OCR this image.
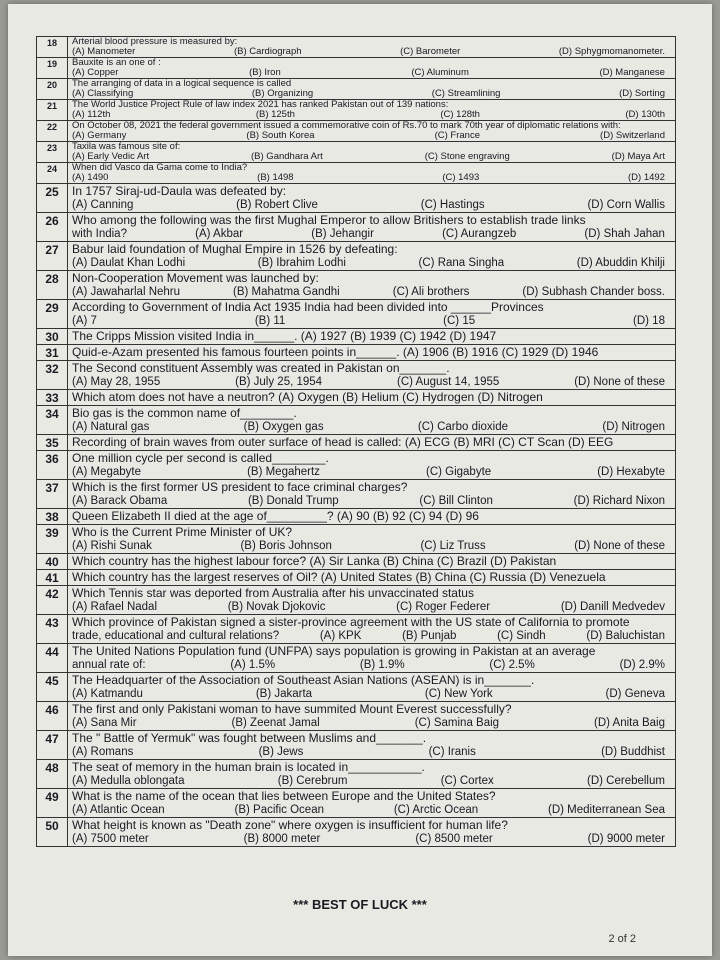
18	Arterial blood pressure is measured by:
(A) Manometer	(B) Cardiograph	(C) Barometer	(D) Sphygmomanometer.
19	Bauxite is an one of :
(A) Copper	(B) Iron	(C) Aluminum	(D) Manganese
20	The arranging of data in a logical sequence is called
(A) Classifying	(B) Organizing	(C) Streamlining	(D) Sorting
21	The World Justice Project Rule of law index 2021 has ranked Pakistan out of 139 nations:
(A) 112th	(B) 125th	(C) 128th	(D) 130th
22	On October 08, 2021 the federal government issued a commemorative coin of Rs.70 to mark 70th year of diplomatic relations with:
(A) Germany	(B) South Korea	(C) France	(D) Switzerland
23	Taxila was famous site of:
(A) Early Vedic Art	(B) Gandhara Art	(C) Stone engraving	(D) Maya Art
24	When did Vasco da Gama come to India?
(A) 1490	(B) 1498	(C) 1493	(D) 1492
25	In 1757 Siraj-ud-Daula was defeated by:
(A) Canning	(B) Robert Clive	(C) Hastings	(D) Corn Wallis
26	Who among the following was the first Mughal Emperor to allow Britishers to establish trade links
with India?	(A) Akbar	(B) Jehangir	(C) Aurangzeb	(D) Shah Jahan
27	Babur laid foundation of Mughal Empire in 1526 by defeating:
(A) Daulat Khan Lodhi	(B) Ibrahim Lodhi	(C) Rana Singha	(D) Abuddin Khilji
28	Non-Cooperation Movement was launched by:
(A) Jawaharlal Nehru	(B) Mahatma Gandhi	(C) Ali brothers	(D) Subhash Chander boss.
29	According to Government of India Act 1935 India had been divided into ______Provinces
(A) 7	(B) 11	(C) 15	(D) 18
30	The Cripps Mission visited India in______. (A) 1927 (B) 1939 (C) 1942 (D) 1947
31	Quid-e-Azam presented his famous fourteen points in______. (A) 1906 (B) 1916 (C) 1929 (D) 1946
32	The Second constituent Assembly was created in Pakistan on_______.
(A) May 28, 1955	(B) July 25, 1954	(C) August 14, 1955	(D) None of these
33	Which atom does not have a neutron? (A) Oxygen (B) Helium (C) Hydrogen (D) Nitrogen
34	Bio gas is the common name of________.
(A) Natural gas	(B) Oxygen gas	(C) Carbo dioxide	(D) Nitrogen
35	Recording of brain waves from outer surface of head is called: (A) ECG (B) MRI (C) CT Scan (D) EEG
36	One million cycle per second is called________.
(A) Megabyte	(B) Megahertz	(C) Gigabyte	(D) Hexabyte
37	Which is the first former US president to face criminal charges?
(A) Barack Obama	(B) Donald Trump	(C) Bill Clinton	(D) Richard Nixon
38	Queen Elizabeth II died at the age of_________? (A) 90 (B) 92 (C) 94 (D) 96
39	Who is the Current Prime Minister of UK?
(A) Rishi Sunak	(B) Boris Johnson	(C) Liz Truss	(D) None of these
40	Which country has the highest labour force? (A) Sir Lanka (B) China (C) Brazil (D) Pakistan
41	Which country has the largest reserves of Oil? (A) United States (B) China (C) Russia (D) Venezuela
42	Which Tennis star was deported from Australia after his unvaccinated status
(A) Rafael Nadal	(B) Novak Djokovic	(C) Roger Federer	(D) Danill Medvedev
43	Which province of Pakistan signed a sister-province agreement with the US state of California to promote
trade, educational and cultural relations?	(A) KPK	(B) Punjab	(C) Sindh	(D) Baluchistan
44	The United Nations Population fund (UNFPA) says population is growing in Pakistan at an average
annual rate of:	(A) 1.5%	(B) 1.9%	(C) 2.5%	(D) 2.9%
45	The Headquarter of the Association of Southeast Asian Nations (ASEAN) is in_______.
(A) Katmandu	(B) Jakarta	(C) New York	(D) Geneva
46	The first and only Pakistani woman to have summited Mount Everest successfully?
(A) Sana Mir	(B) Zeenat Jamal	(C) Samina Baig	(D) Anita Baig
47	The " Battle of Yermuk" was fought between Muslims and_______.
(A) Romans	(B) Jews	(C) Iranis	(D) Buddhist
48	The seat of memory in the human brain is located in___________.
(A) Medulla oblongata	(B) Cerebrum	(C) Cortex	(D) Cerebellum
49	What is the name of the ocean that lies between Europe and the United States?
(A) Atlantic Ocean	(B) Pacific Ocean	(C) Arctic Ocean	(D) Mediterranean Sea
50	What height is known as "Death zone" where oxygen is insufficient for human life?
(A) 7500 meter	(B) 8000 meter	(C) 8500 meter	(D) 9000 meter
*** BEST OF LUCK ***
2 of 2
